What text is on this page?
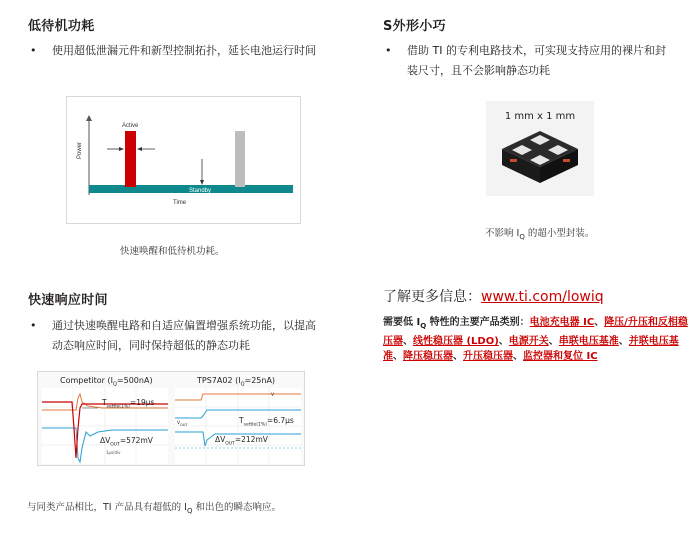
低待机功耗
• 使用超低泄漏元件和新型控制拓扑，延长电池运行时间
Active
Standby
Time
Power
快速唤醒和低待机功耗。
S外形小巧
• 借助 TI 的专利电路技术，可实现支持应用的裸片和封装尺寸，且不会影响静态功耗
1 mm x 1 mm
不影响 $I_Q$ 的超小型封装。
快速响应时间
• 通过快速唤醒电路和自适应偏置增强系统功能，以提高 动态响应时间，同时保持超低的静态功耗
Competitor $(I_Q=500nA)$
$T_{settle(1\%)}=19\mu s$
$\Delta V_{OUT}=572mV$
1μs/div
TPS7A02 $(I_Q=25nA)$
$T_{settle(1\%)}=6.7\mu s$
$\Delta V_{OUT}=212mV$
V
$V_{OUT}$
与同类产品相比，TI 产品具有超低的 $I_Q$ 和出色的瞬态响应。
了解更多信息：www.ti.com/lowiq
需要低 $I_Q$ 特性的主要产品类别：电池充电器 IC、降压/升压和反相稳压器、线性稳压器 (LDO)、电源开关、串联电压基准、并联电压基准、降压稳压器、升压稳压器、监控器和复位 IC
